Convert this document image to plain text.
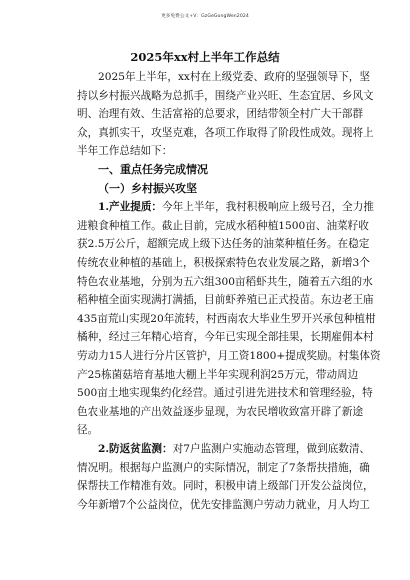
更多免费公文+V：GzGeGongWen2024
2025年xx村上半年工作总结
2025 年 上 半 年 ， xx 村 在 上 级 党 委 、 政 府 的 坚 强 领 导 下 ， 坚
持 以 乡 村 振 兴 战 略 为 总 抓 手 ， 围 绕 产 业 兴 旺 、 生 态 宜 居 、 乡 风 文
明 、 治 理 有 效 、 生 活 富 裕 的 总 要 求 ， 团 结 带 领 全 村 广 大 干 部 群
众 ， 真 抓 实 干 ， 攻 坚 克 难 ， 各 项 工 作 取 得 了 阶 段 性 成 效 。 现 将 上
半年工作总结如下：
一、重点任务完成情况
（一）乡村振兴攻坚
1.产业提质： 今 年 上 半 年 ， 我 村 积 极 响 应 上 级 号 召 ， 全 力 推
进 粮 食 种 植 工 作 。 截 止 目 前 ， 完 成 水 稻 种 植 1500 亩 、 油 菜 籽 收
获 2.5 万 公 斤 ， 超 额 完 成 上 级 下 达 任 务 的 油 菜 种 植 任 务 。 在 稳 定
传 统 农 业 种 植 的 基 础 上 ， 积 极 探 索 特 色 农 业 发 展 之 路 ， 新 增 3 个
特 色 农 业 基 地 ， 分 别 为 五 六 组 300 亩 稻 虾 共 生 ， 随 着 五 六 组 的 水
稻 种 植 全 面 实 现 满 打 满 插 ， 目 前 虾 养 殖 已 正 式 投 苗 。 东 边 老 王 庙
435 亩 荒 山 实 现 20 年 流 转 ， 村 西 南 农 大 毕 业 生 罗 开 兴 承 包 种 植 柑
橘 种 ， 经 过 三 年 精 心 培 育 ， 今 年 已 实 现 全 部 挂 果 ， 长 期 雇 佣 本 村
劳 动 力 15 人 进 行 分 片 区 管 护 ， 月 工 资 1800+ 提 成 奖 励 。 村 集 体 资
产 25 栋 菌 菇 培 育 基 地 大 棚 上 半 年 实 现 利 润 25 万 元 ， 带 动 周 边
500 亩 土 地 实 现 集 约 化 经 营 。 通 过 引 进 先 进 技 术 和 管 理 经 验 ， 特
色 农 业 基 地 的 产 出 效 益 逐 步 显 现 ， 为 农 民 增 收 致 富 开 辟 了 新 途
径。
2.防返贫监测： 对 7 户 监 测 户 实 施 动 态 管 理 ， 做 到 底 数 清 、
情 况 明 。 根 据 每 户 监 测 户 的 实 际 情 况 ， 制 定 了 7 条 帮 扶 措 施 ， 确
保 帮 扶 工 作 精 准 有 效 。 同 时 ， 积 极 申 请 上 级 部 门 开 发 公 益 岗 位 ，
今 年 新 增 7 个 公 益 岗 位 ， 优 先 安 排 监 测 户 劳 动 力 就 业 ， 月 人 均 工
